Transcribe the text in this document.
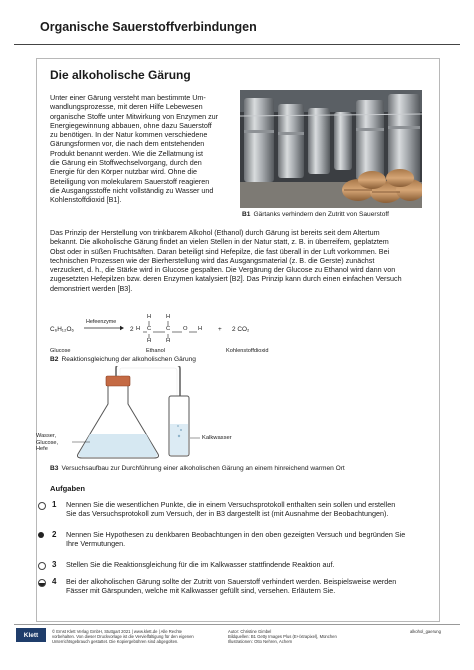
Organische Sauerstoffverbindungen
Die alkoholische Gärung
Unter einer Gärung versteht man bestimmte Um-
wandlungsprozesse, mit deren Hilfe Lebewesen
organische Stoffe unter Mitwirkung von Enzymen zur
Energiegewinnung abbauen, ohne dazu Sauerstoff
zu benötigen. In der Natur kommen verschiedene
Gärungsformen vor, die nach dem entstehenden
Produkt benannt werden. Wie die Zellatmung ist
die Gärung ein Stoffwechselvorgang, durch den
Energie für den Körper nutzbar wird. Ohne die
Beteiligung von molekularem Sauerstoff reagieren
die Ausgangsstoffe nicht vollständig zu Wasser und
Kohlenstoffdioxid [B1].
B1 Gärtanks verhindern den Zutritt von Sauerstoff
Das Prinzip der Herstellung von trinkbarem Alkohol (Ethanol) durch Gärung ist bereits seit dem Altertum
bekannt. Die alkoholische Gärung findet an vielen Stellen in der Natur statt, z. B. in überreifem, geplatztem
Obst oder in süßen Fruchtsäften. Daran beteiligt sind Hefepilze, die fast überall in der Luft vorkommen. Bei
technischen Prozessen wie der Bierherstellung wird das Ausgangsmaterial (z. B. die Gerste) zunächst
verzuckert, d. h., die Stärke wird in Glucose gespalten. Die Vergärung der Glucose zu Ethanol wird dann von
zugesetzten Hefepilzen bzw. deren Enzymen katalysiert [B2]. Das Prinzip kann durch einen einfachen Versuch
demonstriert werden [B3].
C₆H₁₂O₆
Hefeenzyme
→ 2
H	H
H C	C O H
H	H
+ 2 CO₂
Glucose	Ethanol	Kohlenstoffdioxid
B2 Reaktionsgleichung der alkoholischen Gärung
Wasser,
Glucose,
Hefe
Kalkwasser
B3 Versuchsaufbau zur Durchführung einer alkoholischen Gärung an einem hinreichend warmen Ort
Aufgaben
1 Nennen Sie die wesentlichen Punkte, die in einem Versuchsprotokoll enthalten sein sollen und erstellen
Sie das Versuchsprotokoll zum Versuch, der in B3 dargestellt ist (mit Ausnahme der Beobachtungen).
2 Nennen Sie Hypothesen zu denkbaren Beobachtungen in den oben gezeigten Versuch und begründen Sie
Ihre Vermutungen.
3 Stellen Sie die Reaktionsgleichung für die im Kalkwasser stattfindende Reaktion auf.
4 Bei der alkoholischen Gärung sollte der Zutritt von Sauerstoff verhindert werden. Beispielsweise werden
Fässer mit Gärspunden, welche mit Kalkwasser gefüllt sind, versehen. Erläutern Sie.
Klett	© Ernst Klett Verlag GmbH, Stuttgart 2021 | www.klett.de | Alle Rechte
vorbehalten. Von dieser Druckvorlage ist die Vervielfältigung für den eigenen
Unterrichtsgebrauch gestattet. Die Kopiergebühren sind abgegolten.
Autor: Christine Gimbel
Bildquellen: B1 Getty Images Plus (E+/xtrapixel), München
Illustrationen: Otto Nehren, Achern
alkohol_gaerung
